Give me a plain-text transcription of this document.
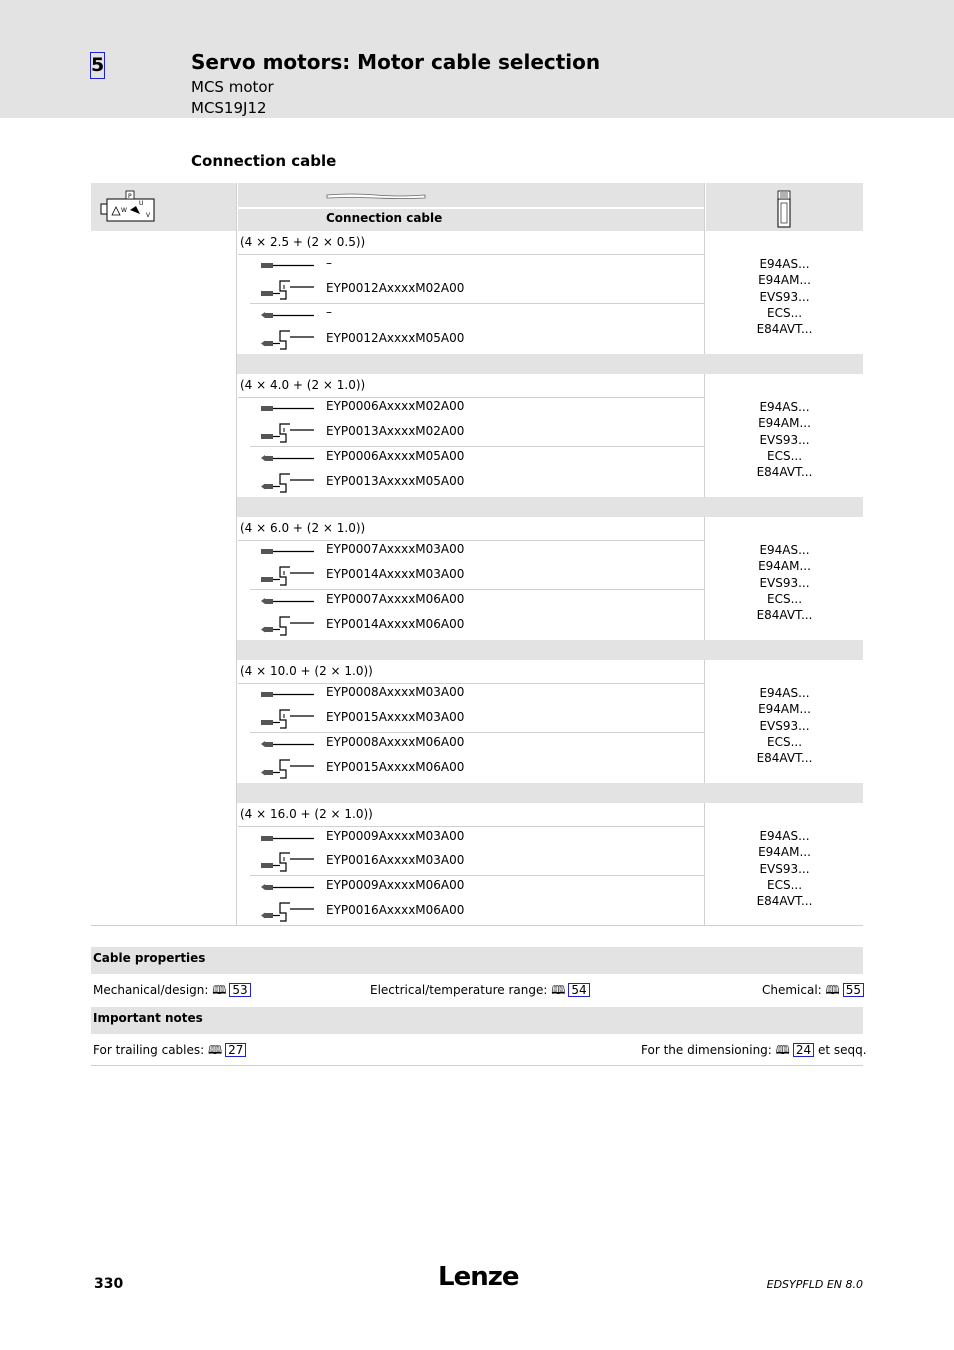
5	Servo motors: Motor cable selection
MCS motor
MCS19J12
Connection cable
P
W
U
V	Connection cable
(4 × 2.5 + (2 × 0.5))
–
EYP0012AxxxxM02A00
–
EYP0012AxxxxM05A00
E94AS...
E94AM...
EVS93...
ECS...
E84AVT...
(4 × 4.0 + (2 × 1.0))
EYP0006AxxxxM02A00
EYP0013AxxxxM02A00
EYP0006AxxxxM05A00
EYP0013AxxxxM05A00
E94AS...
E94AM...
EVS93...
ECS...
E84AVT...
(4 × 6.0 + (2 × 1.0))
EYP0007AxxxxM03A00
EYP0014AxxxxM03A00
EYP0007AxxxxM06A00
EYP0014AxxxxM06A00
E94AS...
E94AM...
EVS93...
ECS...
E84AVT...
(4 × 10.0 + (2 × 1.0))
EYP0008AxxxxM03A00
EYP0015AxxxxM03A00
EYP0008AxxxxM06A00
EYP0015AxxxxM06A00
E94AS...
E94AM...
EVS93...
ECS...
E84AVT...
(4 × 16.0 + (2 × 1.0))
EYP0009AxxxxM03A00
EYP0016AxxxxM03A00
EYP0009AxxxxM06A00
EYP0016AxxxxM06A00
E94AS...
E94AM...
EVS93...
ECS...
E84AVT...
Cable properties
Mechanical/design: 🕮 53	Electrical/temperature range: 🕮 54	Chemical: 🕮 55
Important notes
For trailing cables: 🕮 27	For the dimensioning: 🕮 24 et seqq.
330	Lenze	EDSYPFLD EN 8.0
